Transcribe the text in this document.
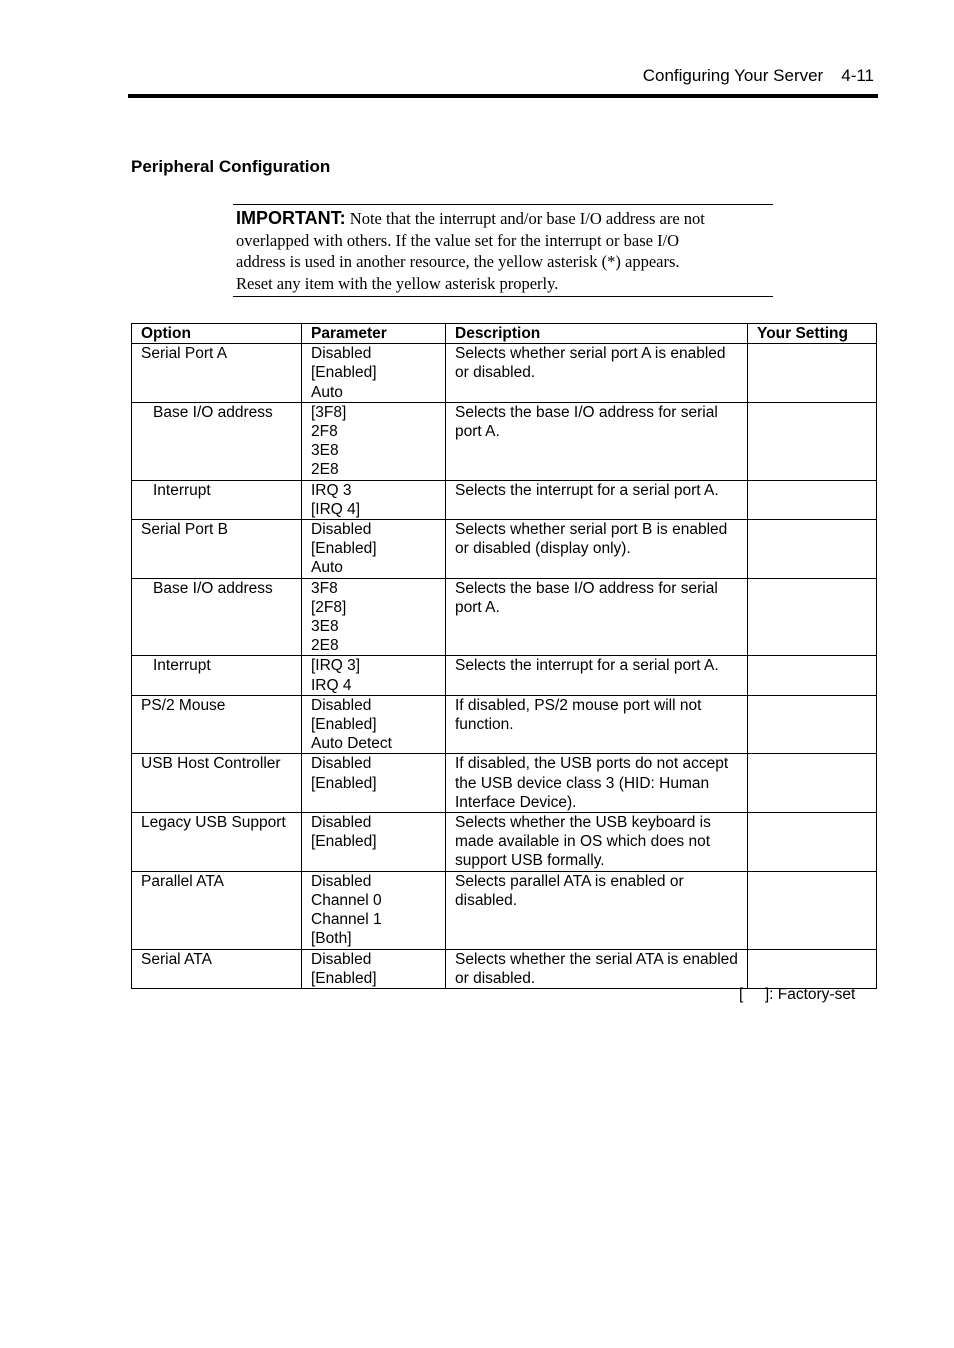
Configuring Your Server 4-11
Peripheral Configuration
IMPORTANT: Note that the interrupt and/or base I/O address are not
overlapped with others. If the value set for the interrupt or base I/O
address is used in another resource, the yellow asterisk (*) appears.
Reset any item with the yellow asterisk properly.
Option	Parameter	Description	Your Setting

Serial Port A	Disabled
[Enabled]
Auto	Selects whether serial port A is enabled or disabled.	

Base I/O address	[3F8]
2F8
3E8
2E8	Selects the base I/O address for serial port A.	

Interrupt	IRQ 3
[IRQ 4]	Selects the interrupt for a serial port A.	

Serial Port B	Disabled
[Enabled]
Auto	Selects whether serial port B is enabled or disabled (display only).	

Base I/O address	3F8
[2F8]
3E8
2E8	Selects the base I/O address for serial port A.	

Interrupt	[IRQ 3]
IRQ 4	Selects the interrupt for a serial port A.	

PS/2 Mouse	Disabled
[Enabled]
Auto Detect	If disabled, PS/2 mouse port will not function.	

USB Host Controller	Disabled
[Enabled]	If disabled, the USB ports do not accept the USB device class 3 (HID: Human Interface Device).	

Legacy USB Support	Disabled
[Enabled]	Selects whether the USB keyboard is made available in OS which does not support USB formally.	

Parallel ATA	Disabled
Channel 0
Channel 1
[Both]	Selects parallel ATA is enabled or disabled.	

Serial ATA	Disabled
[Enabled]	Selects whether the serial ATA is enabled or disabled.	

[     ]: Factory-set
